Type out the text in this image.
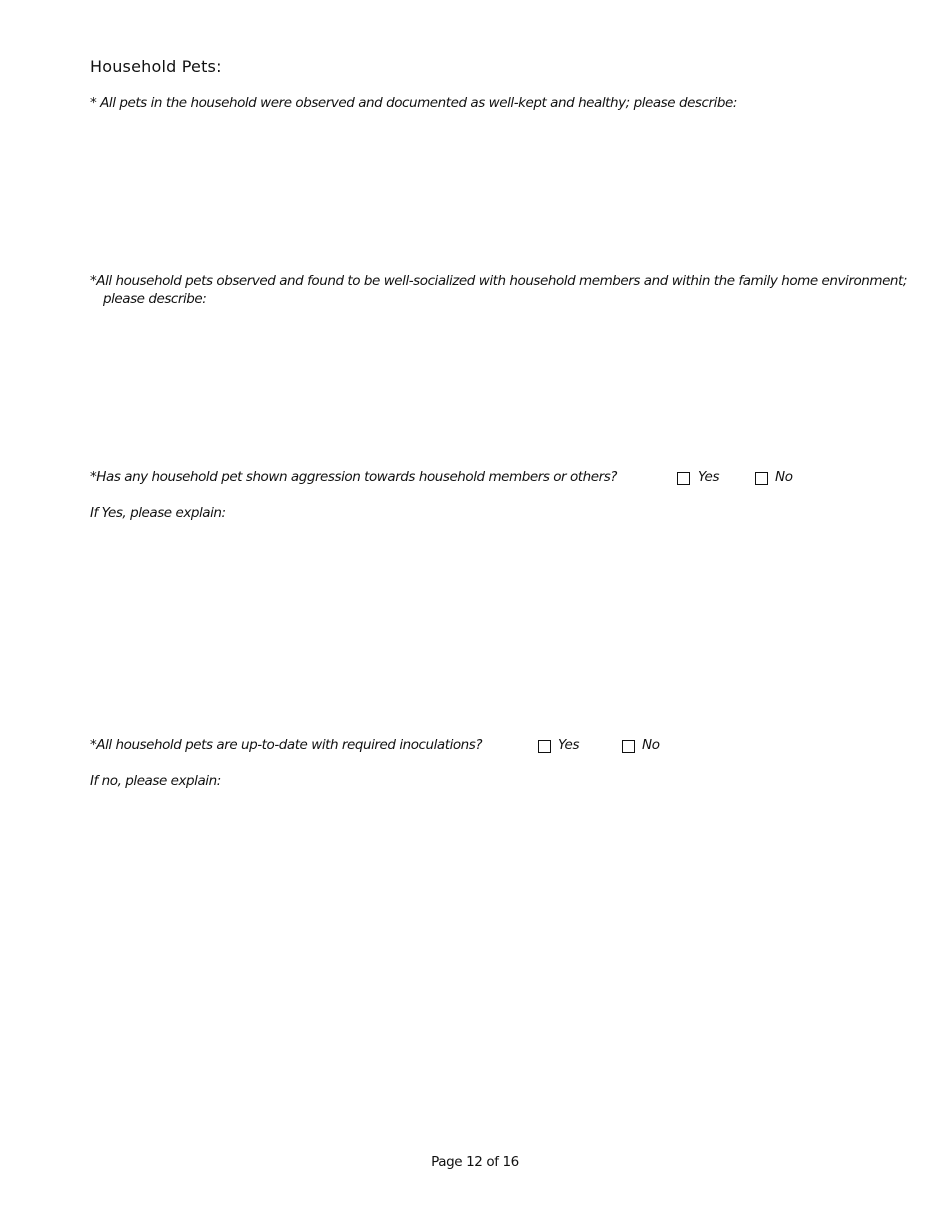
Household Pets:
* All pets in the household were observed and documented as well-kept and healthy; please describe:
*All household pets observed and found to be well-socialized with household members and within the family home environment;
please describe:
*Has any household pet shown aggression towards household members or others?	Yes	No
If Yes, please explain:
*All household pets are up-to-date with required inoculations?	Yes	No
If no, please explain:
Page 12 of 16
